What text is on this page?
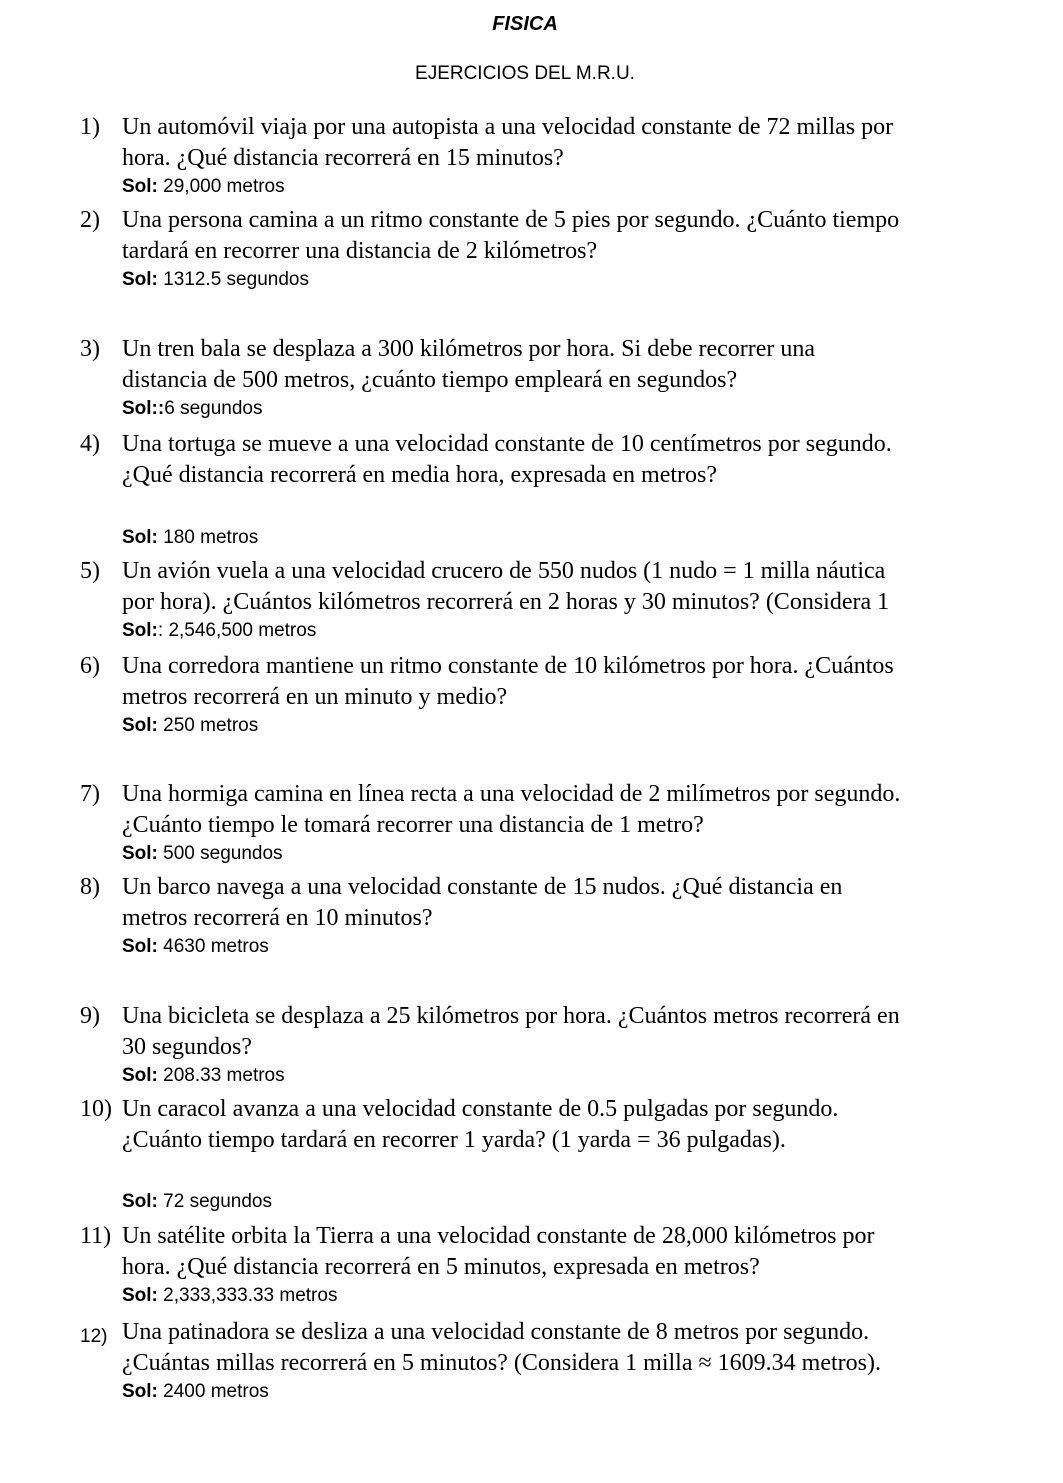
FISICA
EJERCICIOS DEL M.R.U.
1) Un automóvil viaja por una autopista a una velocidad constante de 72 millas por
hora. ¿Qué distancia recorrerá en 15 minutos?
Sol: 29,000 metros
2) Una persona camina a un ritmo constante de 5 pies por segundo. ¿Cuánto tiempo
tardará en recorrer una distancia de 2 kilómetros?
Sol: 1312.5 segundos
3) Un tren bala se desplaza a 300 kilómetros por hora. Si debe recorrer una
distancia de 500 metros, ¿cuánto tiempo empleará en segundos?
Sol::6 segundos
4) Una tortuga se mueve a una velocidad constante de 10 centímetros por segundo.
¿Qué distancia recorrerá en media hora, expresada en metros?
Sol: 180 metros
5) Un avión vuela a una velocidad crucero de 550 nudos (1 nudo = 1 milla náutica
por hora). ¿Cuántos kilómetros recorrerá en 2 horas y 30 minutos? (Considera 1
Sol:: 2,546,500 metros
6) Una corredora mantiene un ritmo constante de 10 kilómetros por hora. ¿Cuántos
metros recorrerá en un minuto y medio?
Sol: 250 metros
7) Una hormiga camina en línea recta a una velocidad de 2 milímetros por segundo.
¿Cuánto tiempo le tomará recorrer una distancia de 1 metro?
Sol: 500 segundos
8) Un barco navega a una velocidad constante de 15 nudos. ¿Qué distancia en
metros recorrerá en 10 minutos?
Sol: 4630 metros
9) Una bicicleta se desplaza a 25 kilómetros por hora. ¿Cuántos metros recorrerá en
30 segundos?
Sol: 208.33 metros
10) Un caracol avanza a una velocidad constante de 0.5 pulgadas por segundo.
¿Cuánto tiempo tardará en recorrer 1 yarda? (1 yarda = 36 pulgadas).
Sol: 72 segundos
11) Un satélite orbita la Tierra a una velocidad constante de 28,000 kilómetros por
hora. ¿Qué distancia recorrerá en 5 minutos, expresada en metros?
Sol: 2,333,333.33 metros
12) Una patinadora se desliza a una velocidad constante de 8 metros por segundo.
¿Cuántas millas recorrerá en 5 minutos? (Considera 1 milla ≈ 1609.34 metros).
Sol: 2400 metros
